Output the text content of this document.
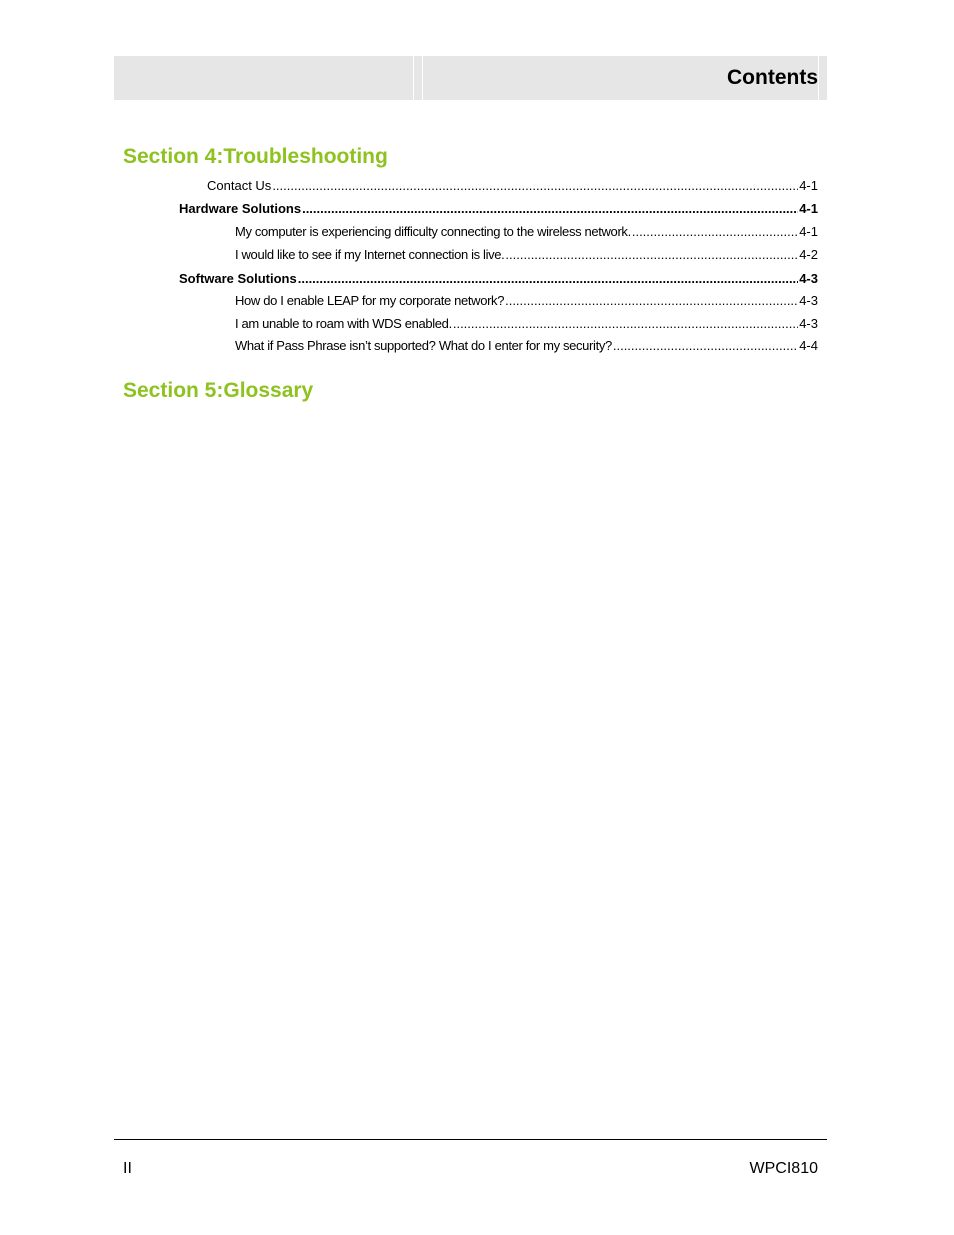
Contents
Section 4:Troubleshooting
Contact Us .....	4-1
Hardware Solutions .....	4-1
My computer is experiencing difficulty connecting to the wireless network. .....	4-1
I would like to see if my Internet connection is live. .....	4-2
Software Solutions .....	4-3
How do I enable LEAP for my corporate network? .....	4-3
I am unable to roam with WDS enabled. .....	4-3
What if Pass Phrase isn’t supported? What do I enter for my security? .....	4-4
Section 5:Glossary
II	WPCI810
